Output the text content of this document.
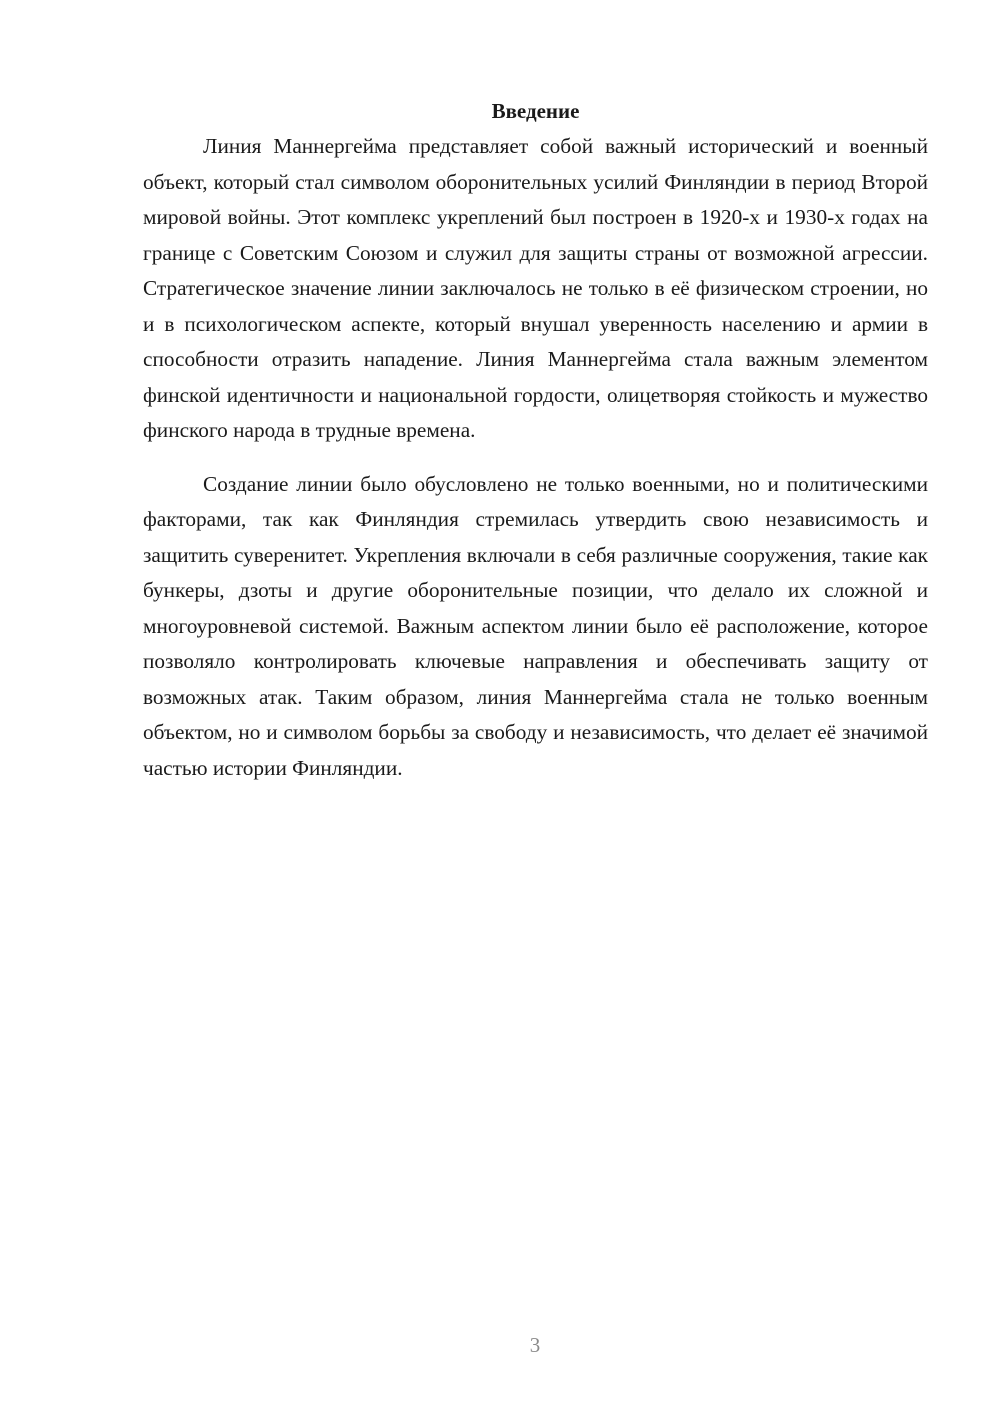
Введение

Линия Маннергейма представляет собой важный исторический и военный объект, который стал символом оборонительных усилий Финляндии в период Второй мировой войны. Этот комплекс укреплений был построен в 1920-х и 1930-х годах на границе с Советским Союзом и служил для защиты страны от возможной агрессии. Стратегическое значение линии заключалось не только в её физическом строении, но и в психологическом аспекте, который внушал уверенность населению и армии в способности отразить нападение. Линия Маннергейма стала важным элементом финской идентичности и национальной гордости, олицетворяя стойкость и мужество финского народа в трудные времена.

Создание линии было обусловлено не только военными, но и политическими факторами, так как Финляндия стремилась утвердить свою независимость и защитить суверенитет. Укрепления включали в себя различные сооружения, такие как бункеры, дзоты и другие оборонительные позиции, что делало их сложной и многоуровневой системой. Важным аспектом линии было её расположение, которое позволяло контролировать ключевые направления и обеспечивать защиту от возможных атак. Таким образом, линия Маннергейма стала не только военным объектом, но и символом борьбы за свободу и независимость, что делает её значимой частью истории Финляндии.

3
